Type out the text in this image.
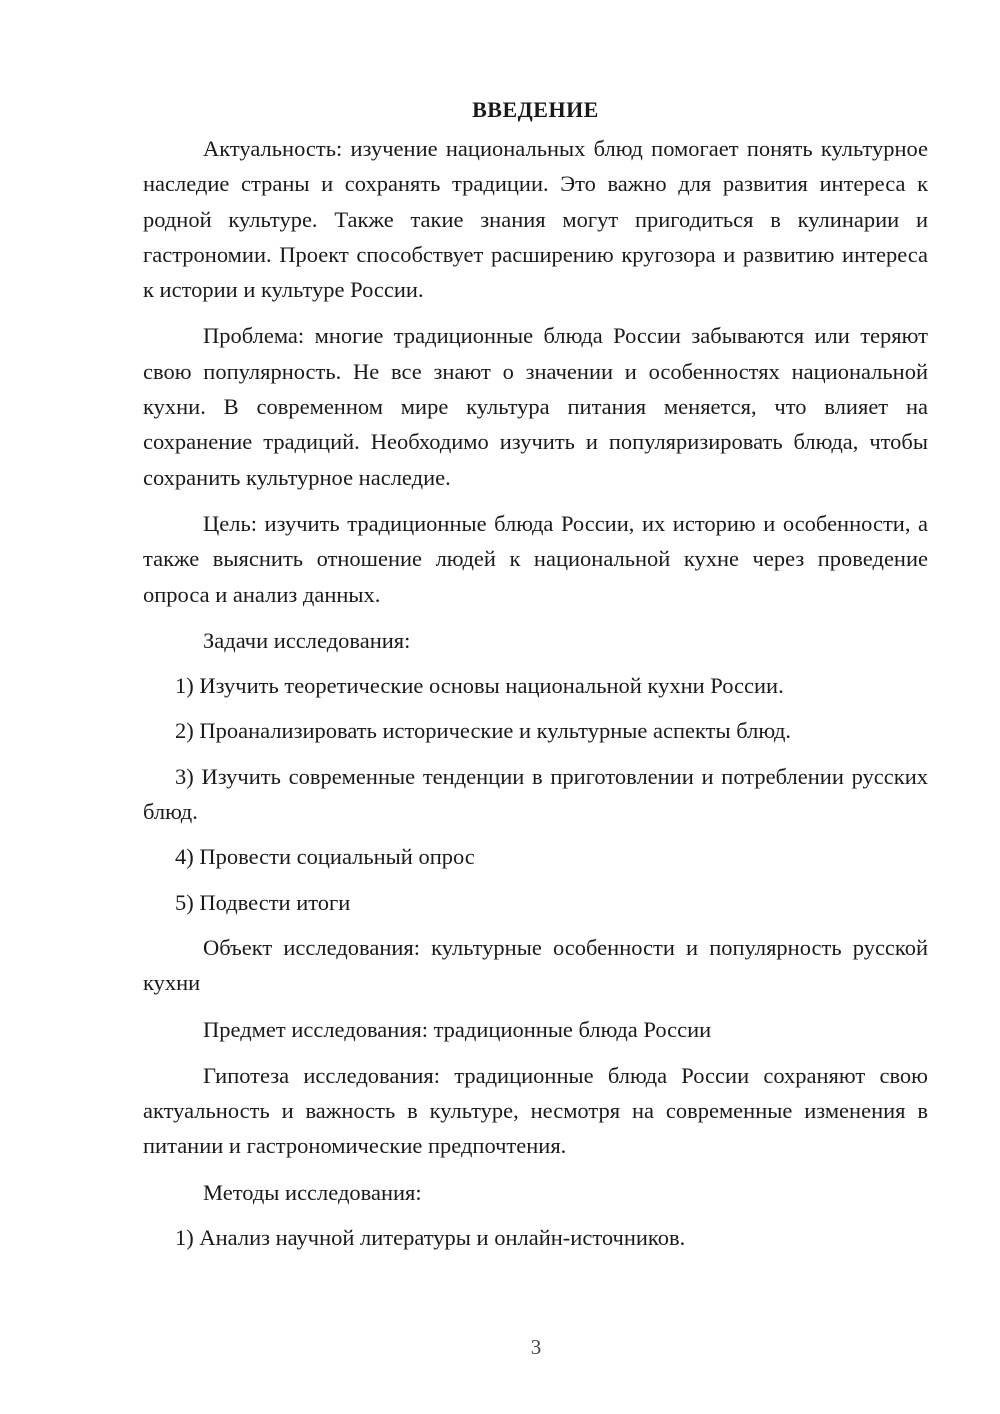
ВВЕДЕНИЕ

Актуальность: изучение национальных блюд помогает понять культурное наследие страны и сохранять традиции. Это важно для развития интереса к родной культуре. Также такие знания могут пригодиться в кулинарии и гастрономии. Проект способствует расширению кругозора и развитию интереса к истории и культуре России.

Проблема: многие традиционные блюда России забываются или теряют свою популярность. Не все знают о значении и особенностях национальной кухни. В современном мире культура питания меняется, что влияет на сохранение традиций. Необходимо изучить и популяризировать блюда, чтобы сохранить культурное наследие.

Цель: изучить традиционные блюда России, их историю и особенности, а также выяснить отношение людей к национальной кухне через проведение опроса и анализ данных.

Задачи исследования:

1) Изучить теоретические основы национальной кухни России.

2) Проанализировать исторические и культурные аспекты блюд.

3) Изучить современные тенденции в приготовлении и потреблении русских блюд.

4) Провести социальный опрос

5) Подвести итоги

Объект исследования: культурные особенности и популярность русской кухни

Предмет исследования: традиционные блюда России

Гипотеза исследования: традиционные блюда России сохраняют свою актуальность и важность в культуре, несмотря на современные изменения в питании и гастрономические предпочтения.

Методы исследования:

1) Анализ научной литературы и онлайн-источников.

3
